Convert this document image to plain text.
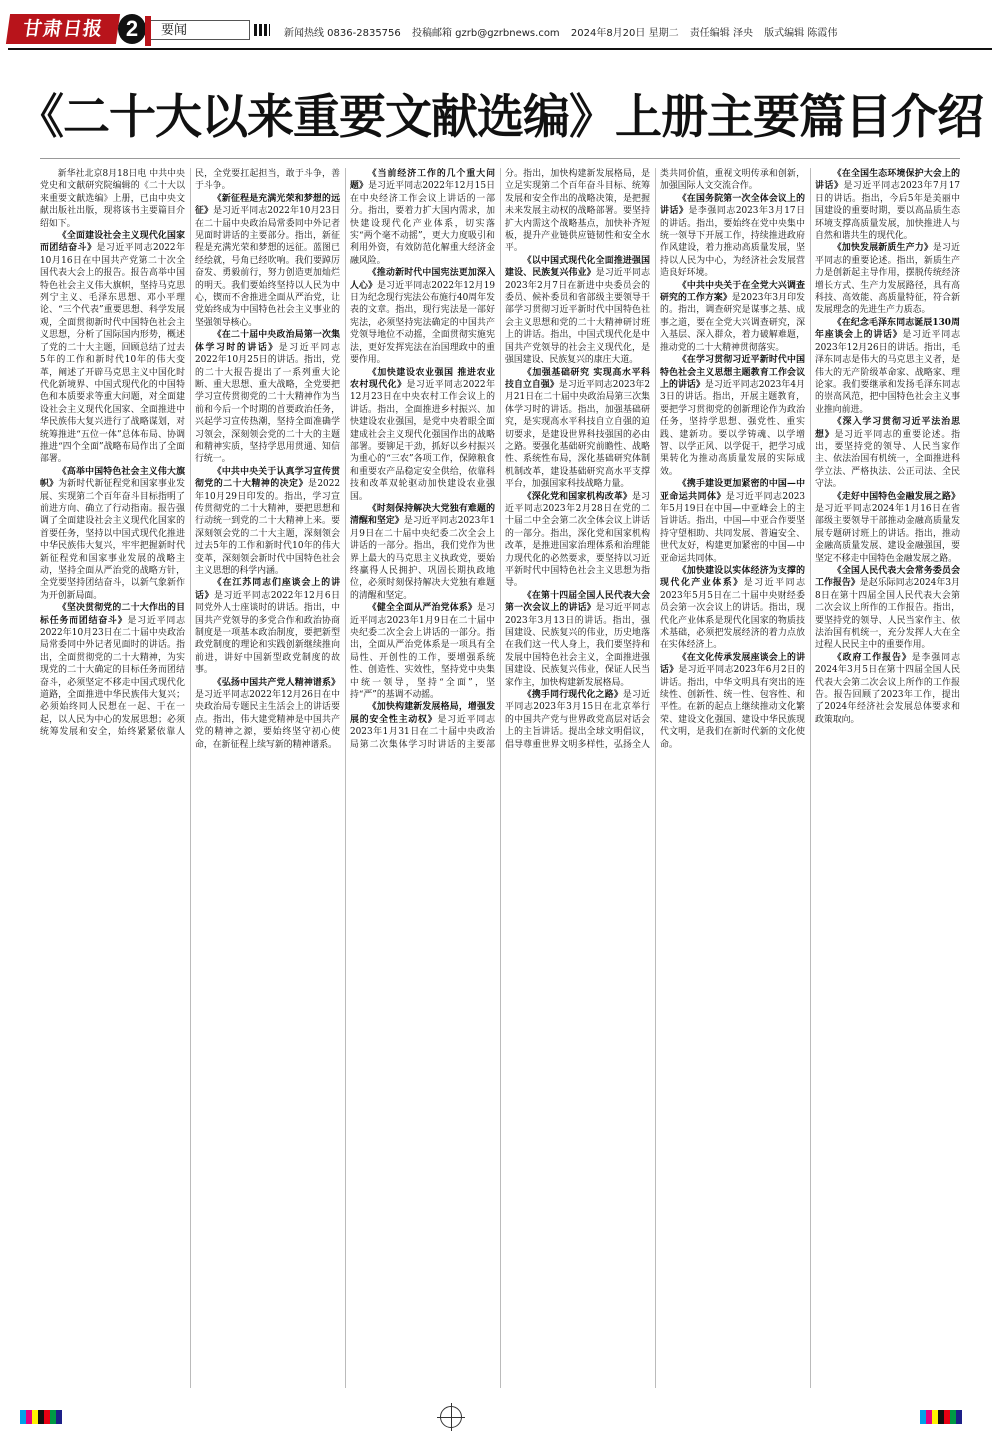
甘肃日报 2	要闻	新闻热线 0836-2835756 投稿邮箱 gzrb@gzrbnews.com 2024年8月20日 星期二 责任编辑 泽央 版式编辑 陈霞伟
《二十大以来重要文献选编》上册主要篇目介绍

新华社北京8月18日电 中共中央党史和文献研究院编辑的《二十大以来重要文献选编》上册，已由中央文献出版社出版，现将该书主要篇目介绍如下。

《全面建设社会主义现代化国家而团结奋斗》是习近平同志2022年10月16日在中国共产党第二十次全国代表大会上的报告。报告高举中国特色社会主义伟大旗帜，坚持马克思列宁主义、毛泽东思想、邓小平理论、“三个代表”重要思想、科学发展观，全面贯彻新时代中国特色社会主义思想，分析了国际国内形势，概述了党的二十大主题，回顾总结了过去5年的工作和新时代10年的伟大变革，阐述了开辟马克思主义中国化时代化新境界、中国式现代化的中国特色和本质要求等重大问题，对全面建设社会主义现代化国家、全面推进中华民族伟大复兴进行了战略谋划，对统筹推进“五位一体”总体布局、协调推进“四个全面”战略布局作出了全面部署。

《高举中国特色社会主义伟大旗帜》为新时代新征程党和国家事业发展、实现第二个百年奋斗目标指明了前进方向、确立了行动指南。报告强调了全面建设社会主义现代化国家的首要任务，坚持以中国式现代化推进中华民族伟大复兴，牢牢把握新时代新征程党和国家事业发展的战略主动，坚持全面从严治党的战略方针，全党要坚持团结奋斗，以新气象新作为开创新局面。

《坚决贯彻党的二十大作出的目标任务而团结奋斗》是习近平同志2022年10月23日在二十届中央政治局常委同中外记者见面时的讲话。指出，全面贯彻党的二十大精神，为实现党的二十大确定的目标任务而团结奋斗，必须坚定不移走中国式现代化道路，全面推进中华民族伟大复兴；必须始终同人民想在一起、干在一起，以人民为中心的发展思想；必须统筹发展和安全，始终紧紧依靠人民，全党要扛起担当，敢于斗争，善于斗争。

《新征程是充满光荣和梦想的远征》是习近平同志2022年10月23日在二十届中央政治局常委同中外记者见面时讲话的主要部分。指出，新征程是充满光荣和梦想的远征。蓝图已经绘就，号角已经吹响。我们要踔厉奋发、勇毅前行，努力创造更加灿烂的明天。我们要始终坚持以人民为中心，锲而不舍推进全面从严治党，让党始终成为中国特色社会主义事业的坚强领导核心。

《在二十届中央政治局第一次集体学习时的讲话》是习近平同志2022年10月25日的讲话。指出，党的二十大报告提出了一系列重大论断、重大思想、重大战略，全党要把学习宣传贯彻党的二十大精神作为当前和今后一个时期的首要政治任务，兴起学习宣传热潮，坚持全面准确学习领会，深刻领会党的二十大的主题和精神实质，坚持学思用贯通、知信行统一。

《中共中央关于认真学习宣传贯彻党的二十大精神的决定》是2022年10月29日印发的。指出，学习宣传贯彻党的二十大精神，要把思想和行动统一到党的二十大精神上来。要深刻领会党的二十大主题，深刻领会过去5年的工作和新时代10年的伟大变革，深刻领会新时代中国特色社会主义思想的科学内涵。

《在江苏同志们座谈会上的讲话》是习近平同志2022年12月6日同党外人士座谈时的讲话。指出，中国共产党领导的多党合作和政治协商制度是一项基本政治制度，要把新型政党制度的理论和实践创新继续推向前进，讲好中国新型政党制度的故事。

《弘扬中国共产党人精神谱系》是习近平同志2022年12月26日在中央政治局专题民主生活会上的讲话要点。指出，伟大建党精神是中国共产党的精神之源，要始终坚守初心使命，在新征程上续写新的精神谱系。

《当前经济工作的几个重大问题》是习近平同志2022年12月15日在中央经济工作会议上讲话的一部分。指出，要着力扩大国内需求，加快建设现代化产业体系，切实落实“两个毫不动摇”，更大力度吸引和利用外资，有效防范化解重大经济金融风险。

《推动新时代中国宪法更加深入人心》是习近平同志2022年12月19日为纪念现行宪法公布施行40周年发表的文章。指出，现行宪法是一部好宪法，必须坚持宪法确定的中国共产党领导地位不动摇，全面贯彻实施宪法，更好发挥宪法在治国理政中的重要作用。

《加快建设农业强国 推进农业农村现代化》是习近平同志2022年12月23日在中央农村工作会议上的讲话。指出，全面推进乡村振兴、加快建设农业强国，是党中央着眼全面建成社会主义现代化强国作出的战略部署。要铆足干劲，抓好以乡村振兴为重心的“三农”各项工作，保障粮食和重要农产品稳定安全供给，依靠科技和改革双轮驱动加快建设农业强国。

《时刻保持解决大党独有难题的清醒和坚定》是习近平同志2023年1月9日在二十届中央纪委二次全会上讲话的一部分。指出，我们党作为世界上最大的马克思主义执政党，要始终赢得人民拥护、巩固长期执政地位，必须时刻保持解决大党独有难题的清醒和坚定。

《健全全面从严治党体系》是习近平同志2023年1月9日在二十届中央纪委二次全会上讲话的一部分。指出，全面从严治党体系是一项具有全局性、开创性的工作，要增强系统性、创造性、实效性，坚持党中央集中统一领导，坚持“全面”，坚持“严”的基调不动摇。

《加快构建新发展格局，增强发展的安全性主动权》是习近平同志2023年1月31日在二十届中央政治局第二次集体学习时讲话的主要部分。指出，加快构建新发展格局，是立足实现第二个百年奋斗目标、统筹发展和安全作出的战略决策，是把握未来发展主动权的战略部署。要坚持扩大内需这个战略基点，加快补齐短板，提升产业链供应链韧性和安全水平。

《以中国式现代化全面推进强国建设、民族复兴伟业》是习近平同志2023年2月7日在新进中央委员会的委员、候补委员和省部级主要领导干部学习贯彻习近平新时代中国特色社会主义思想和党的二十大精神研讨班上的讲话。指出，中国式现代化是中国共产党领导的社会主义现代化，是强国建设、民族复兴的康庄大道。

《加强基础研究 实现高水平科技自立自强》是习近平同志2023年2月21日在二十届中央政治局第三次集体学习时的讲话。指出，加强基础研究，是实现高水平科技自立自强的迫切要求，是建设世界科技强国的必由之路。要强化基础研究前瞻性、战略性、系统性布局，深化基础研究体制机制改革，建设基础研究高水平支撑平台，加强国家科技战略力量。

《深化党和国家机构改革》是习近平同志2023年2月28日在党的二十届二中全会第二次全体会议上讲话的一部分。指出，深化党和国家机构改革，是推进国家治理体系和治理能力现代化的必然要求，要坚持以习近平新时代中国特色社会主义思想为指导。

《在第十四届全国人民代表大会第一次会议上的讲话》是习近平同志2023年3月13日的讲话。指出，强国建设、民族复兴的伟业，历史地落在我们这一代人身上，我们要坚持和发展中国特色社会主义，全面推进强国建设、民族复兴伟业，保证人民当家作主，加快构建新发展格局。

《携手同行现代化之路》是习近平同志2023年3月15日在北京举行的中国共产党与世界政党高层对话会上的主旨讲话。提出全球文明倡议，倡导尊重世界文明多样性，弘扬全人类共同价值，重视文明传承和创新，加强国际人文交流合作。

《在国务院第一次全体会议上的讲话》是李强同志2023年3月17日的讲话。指出，要始终在党中央集中统一领导下开展工作，持续推进政府作风建设，着力推动高质量发展，坚持以人民为中心，为经济社会发展营造良好环境。

《中共中央关于在全党大兴调查研究的工作方案》是2023年3月印发的。指出，调查研究是谋事之基、成事之道，要在全党大兴调查研究，深入基层、深入群众，着力破解难题，推动党的二十大精神贯彻落实。

《在学习贯彻习近平新时代中国特色社会主义思想主题教育工作会议上的讲话》是习近平同志2023年4月3日的讲话。指出，开展主题教育，要把学习贯彻党的创新理论作为政治任务，坚持学思想、强党性、重实践、建新功。要以学铸魂、以学增智、以学正风、以学促干，把学习成果转化为推动高质量发展的实际成效。

《携手建设更加紧密的中国—中亚命运共同体》是习近平同志2023年5月19日在中国—中亚峰会上的主旨讲话。指出，中国—中亚合作要坚持守望相助、共同发展、普遍安全、世代友好，构建更加紧密的中国—中亚命运共同体。

《加快建设以实体经济为支撑的现代化产业体系》是习近平同志2023年5月5日在二十届中央财经委员会第一次会议上的讲话。指出，现代化产业体系是现代化国家的物质技术基础，必须把发展经济的着力点放在实体经济上。

《在文化传承发展座谈会上的讲话》是习近平同志2023年6月2日的讲话。指出，中华文明具有突出的连续性、创新性、统一性、包容性、和平性。在新的起点上继续推动文化繁荣、建设文化强国、建设中华民族现代文明，是我们在新时代新的文化使命。

《在全国生态环境保护大会上的讲话》是习近平同志2023年7月17日的讲话。指出，今后5年是美丽中国建设的重要时期，要以高品质生态环境支撑高质量发展，加快推进人与自然和谐共生的现代化。

《加快发展新质生产力》是习近平同志的重要论述。指出，新质生产力是创新起主导作用，摆脱传统经济增长方式、生产力发展路径，具有高科技、高效能、高质量特征，符合新发展理念的先进生产力质态。

《在纪念毛泽东同志诞辰130周年座谈会上的讲话》是习近平同志2023年12月26日的讲话。指出，毛泽东同志是伟大的马克思主义者，是伟大的无产阶级革命家、战略家、理论家。我们要继承和发扬毛泽东同志的崇高风范，把中国特色社会主义事业推向前进。

《深入学习贯彻习近平法治思想》是习近平同志的重要论述。指出，要坚持党的领导、人民当家作主、依法治国有机统一，全面推进科学立法、严格执法、公正司法、全民守法。

《走好中国特色金融发展之路》是习近平同志2024年1月16日在省部级主要领导干部推动金融高质量发展专题研讨班上的讲话。指出，推动金融高质量发展、建设金融强国，要坚定不移走中国特色金融发展之路。

《全国人民代表大会常务委员会工作报告》是赵乐际同志2024年3月8日在第十四届全国人民代表大会第二次会议上所作的工作报告。指出，要坚持党的领导、人民当家作主、依法治国有机统一，充分发挥人大在全过程人民民主中的重要作用。

《政府工作报告》是李强同志2024年3月5日在第十四届全国人民代表大会第二次会议上所作的工作报告。报告回顾了2023年工作，提出了2024年经济社会发展总体要求和政策取向。
